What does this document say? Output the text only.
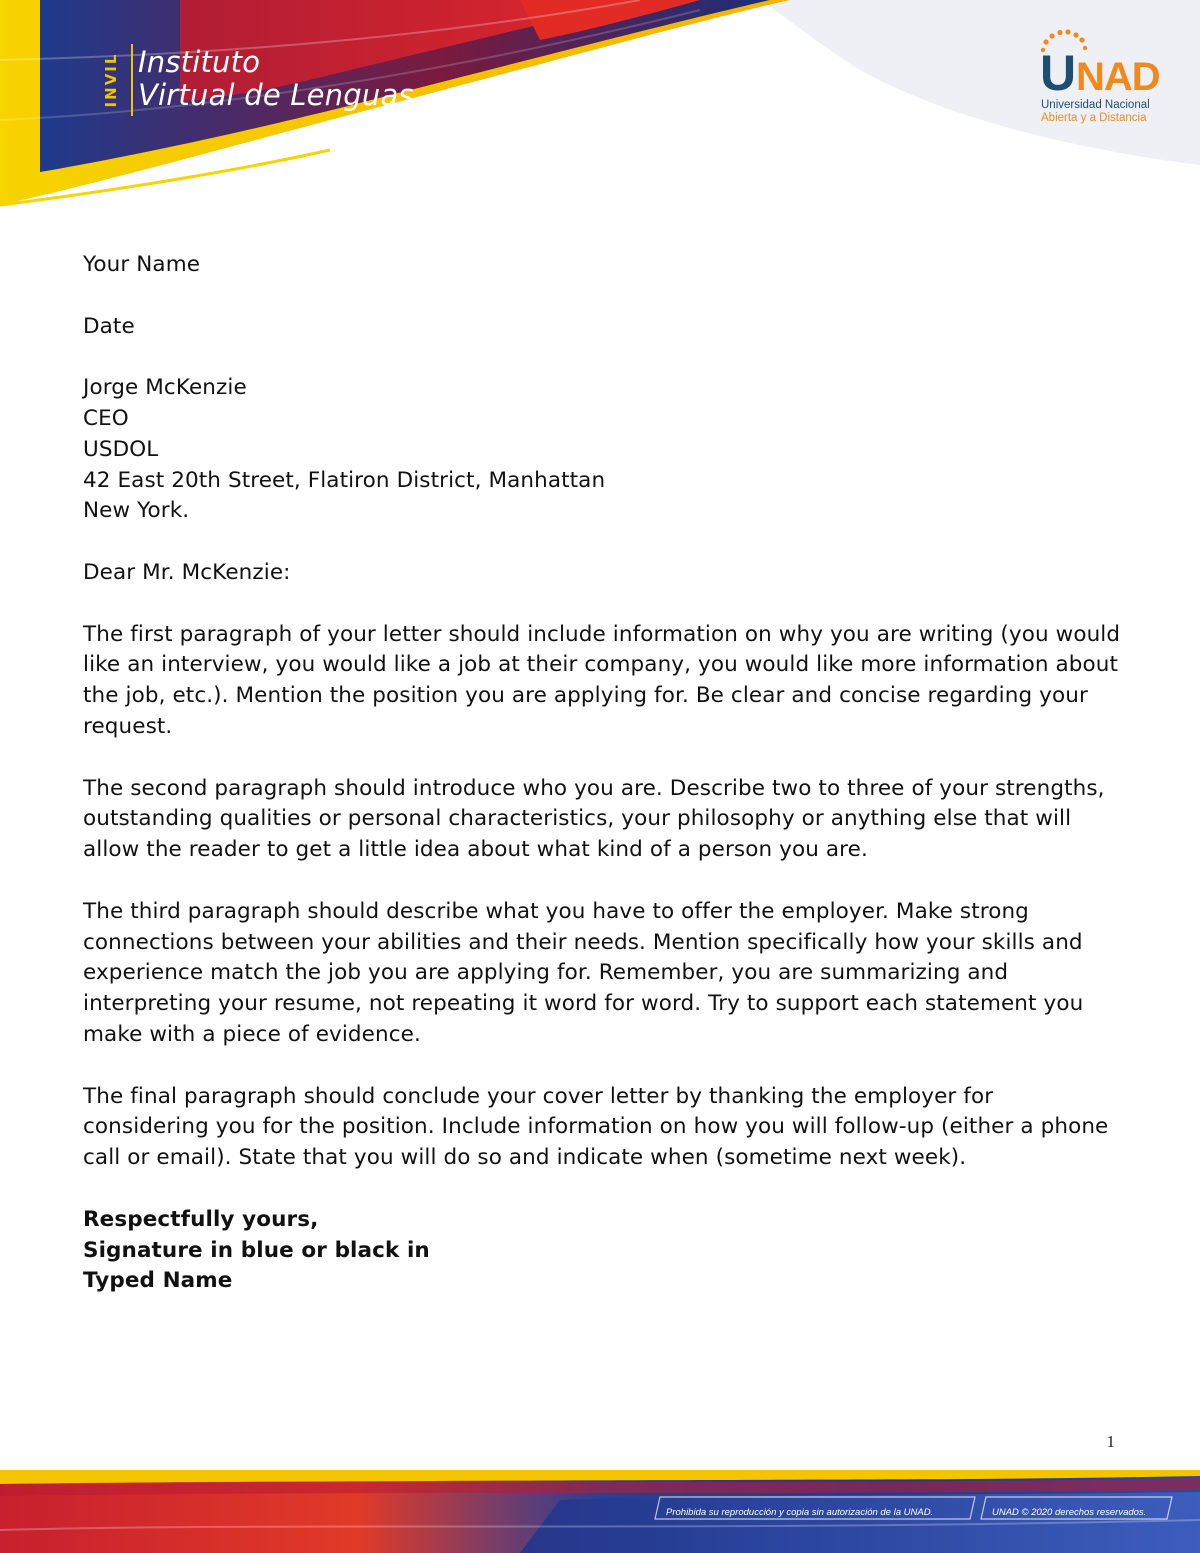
INVIL Instituto
Virtual de Lenguas	U NAD
Universidad Nacional
Abierta y a Distancia

Your Name

Date

Jorge McKenzie

CEO

USDOL

42 East 20th Street, Flatiron District, Manhattan

New York.

Dear Mr. McKenzie:

The first paragraph of your letter should include information on why you are writing (you would like an interview, you would like a job at their company, you would like more information about the job, etc.). Mention the position you are applying for. Be clear and concise regarding your request.

The second paragraph should introduce who you are. Describe two to three of your strengths, outstanding qualities or personal characteristics, your philosophy or anything else that will allow the reader to get a little idea about what kind of a person you are.

The third paragraph should describe what you have to offer the employer. Make strong connections between your abilities and their needs. Mention specifically how your skills and experience match the job you are applying for. Remember, you are summarizing and interpreting your resume, not repeating it word for word. Try to support each statement you make with a piece of evidence.

The final paragraph should conclude your cover letter by thanking the employer for considering you for the position. Include information on how you will follow-up (either a phone call or email). State that you will do so and indicate when (sometime next week).

Respectfully yours,

Signature in blue or black in

Typed Name

1
Prohibida su reproducción y copia sin autorización de la UNAD.	UNAD © 2020 derechos reservados.
